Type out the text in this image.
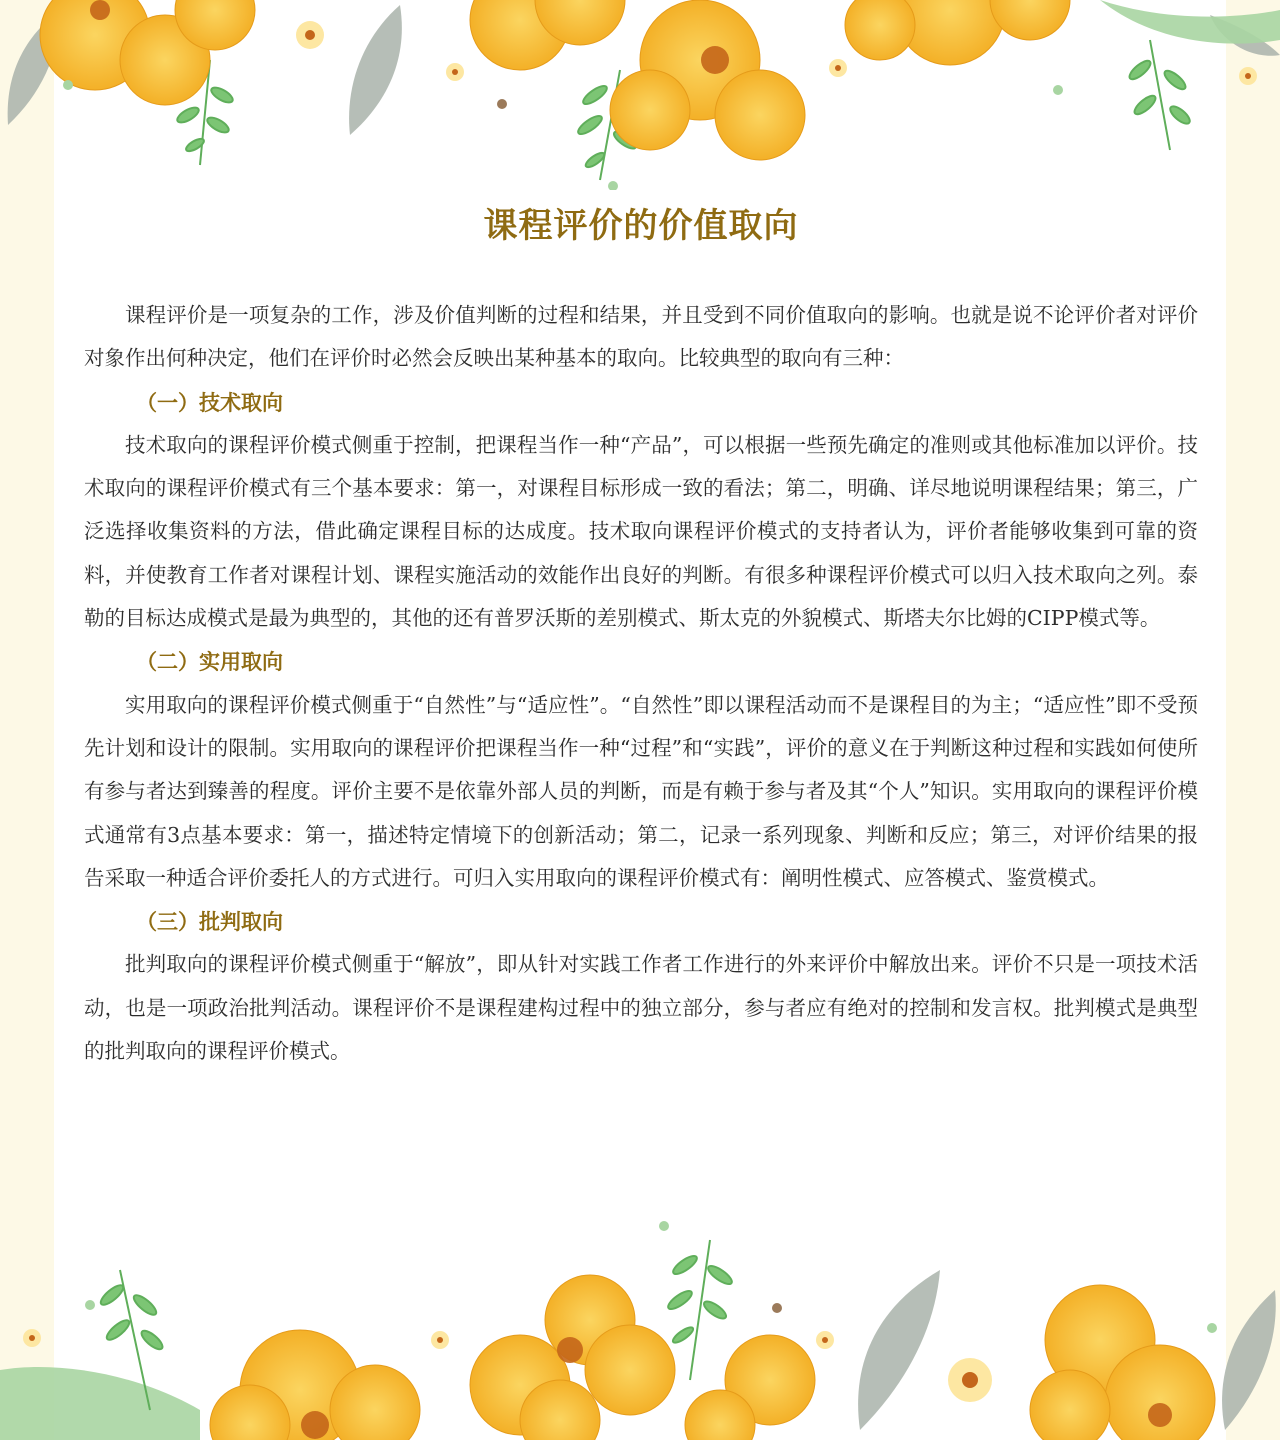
课程评价的价值取向

课程评价是一项复杂的工作，涉及价值判断的过程和结果，并且受到不同价值取向的影响。也就是说不论评价者对评价对象作出何种决定，他们在评价时必然会反映出某种基本的取向。比较典型的取向有三种：

（一）技术取向

技术取向的课程评价模式侧重于控制，把课程当作一种“产品”，可以根据一些预先确定的准则或其他标准加以评价。技术取向的课程评价模式有三个基本要求：第一，对课程目标形成一致的看法；第二，明确、详尽地说明课程结果；第三，广泛选择收集资料的方法，借此确定课程目标的达成度。技术取向课程评价模式的支持者认为，评价者能够收集到可靠的资料，并使教育工作者对课程计划、课程实施活动的效能作出良好的判断。有很多种课程评价模式可以归入技术取向之列。泰勒的目标达成模式是最为典型的，其他的还有普罗沃斯的差别模式、斯太克的外貌模式、斯塔夫尔比姆的CIPP模式等。

（二）实用取向

实用取向的课程评价模式侧重于“自然性”与“适应性”。“自然性”即以课程活动而不是课程目的为主；“适应性”即不受预先计划和设计的限制。实用取向的课程评价把课程当作一种“过程”和“实践”，评价的意义在于判断这种过程和实践如何使所有参与者达到臻善的程度。评价主要不是依靠外部人员的判断，而是有赖于参与者及其“个人”知识。实用取向的课程评价模式通常有3点基本要求：第一，描述特定情境下的创新活动；第二，记录一系列现象、判断和反应；第三，对评价结果的报告采取一种适合评价委托人的方式进行。可归入实用取向的课程评价模式有：阐明性模式、应答模式、鉴赏模式。

（三）批判取向

批判取向的课程评价模式侧重于“解放”，即从针对实践工作者工作进行的外来评价中解放出来。评价不只是一项技术活动，也是一项政治批判活动。课程评价不是课程建构过程中的独立部分，参与者应有绝对的控制和发言权。批判模式是典型的批判取向的课程评价模式。
